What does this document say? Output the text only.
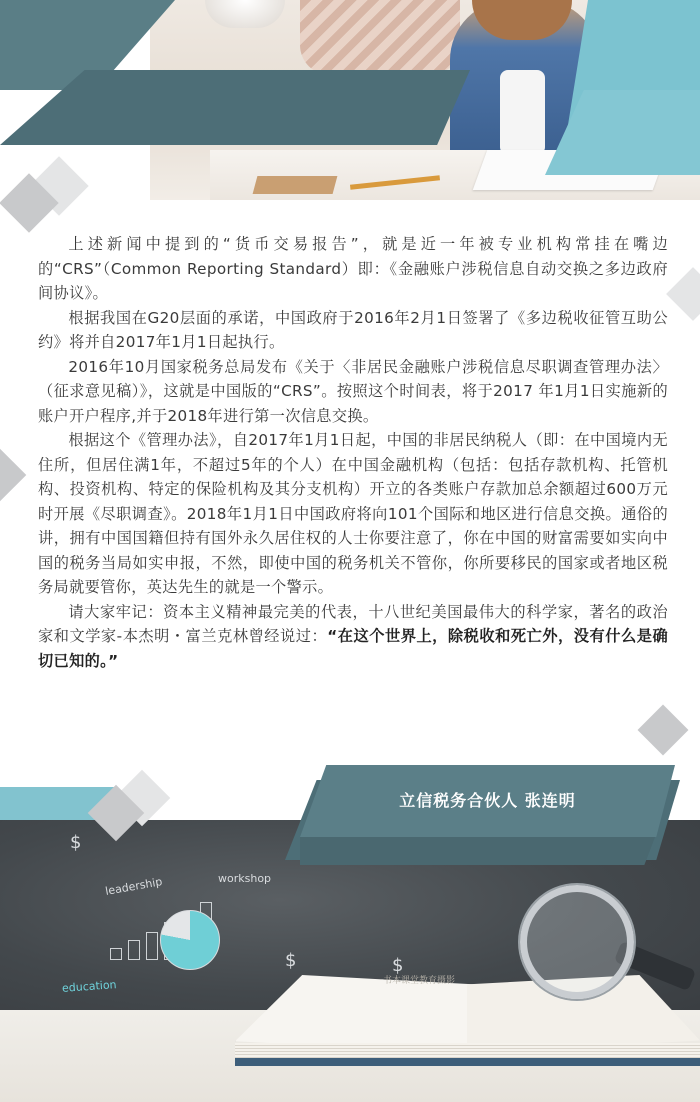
上述新闻中提到的“货币交易报告”，就是近一年被专业机构常挂在嘴边的“CRS”（Common Reporting Standard）即：《金融账户涉税信息自动交换之多边政府间协议》。

根据我国在G20层面的承诺，中国政府于2016年2月1日签署了《多边税收征管互助公约》将并自2017年1月1日起执行。

2016年10月国家税务总局发布《关于〈非居民金融账户涉税信息尽职调查管理办法〉（征求意见稿）》，这就是中国版的“CRS”。按照这个时间表，将于2017 年1月1日实施新的账户开户程序,并于2018年进行第一次信息交换。

根据这个《管理办法》，自2017年1月1日起，中国的非居民纳税人（即：在中国境内无住所，但居住满1年，不超过5年的个人）在中国金融机构（包括：包括存款机构、托管机构、投资机构、特定的保险机构及其分支机构）开立的各类账户存款加总余额超过600万元时开展《尽职调查》。2018年1月1日中国政府将向101个国际和地区进行信息交换。通俗的讲，拥有中国国籍但持有国外永久居住权的人士你要注意了，你在中国的财富需要如实向中国的税务当局如实申报，不然，即使中国的税务机关不管你，你所要移民的国家或者地区税务局就要管你，英达先生的就是一个警示。

请大家牢记：资本主义精神最完美的代表，十八世纪美国最伟大的科学家，著名的政治家和文学家-本杰明・富兰克林曾经说过：“在这个世界上，除税收和死亡外，没有什么是确切已知的。”

$
leadership	workshop
education
$	$
立信税务合伙人 张连明
书本课堂教育摄影
